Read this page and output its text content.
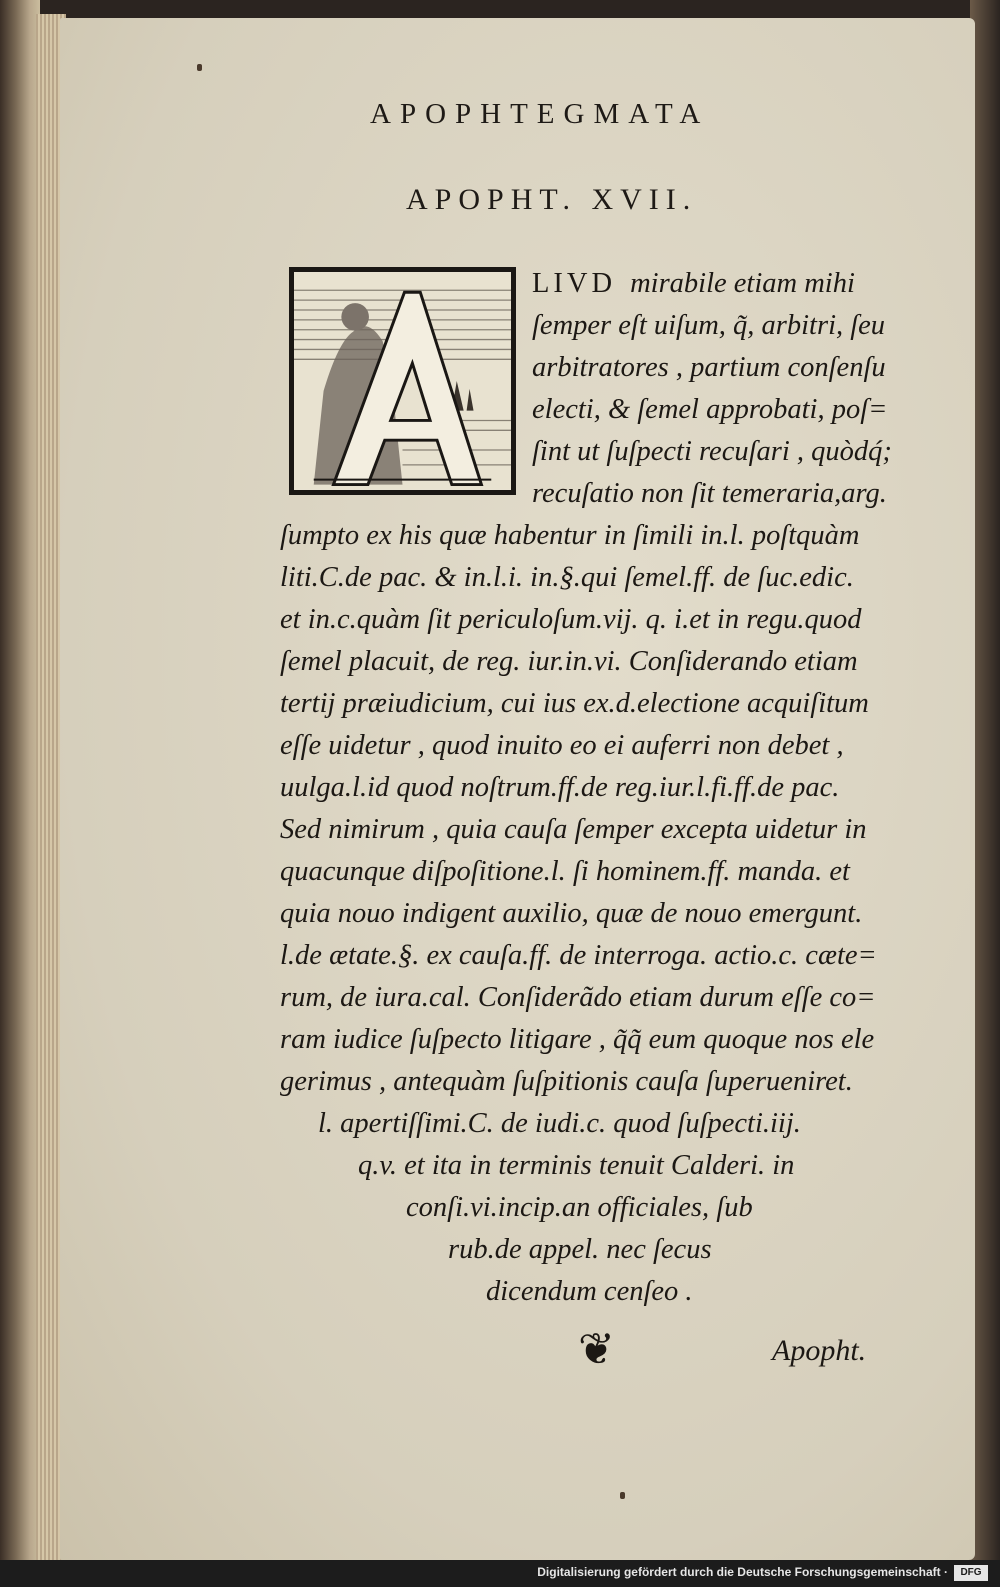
APOPHTEGMATA
APOPHT. XVII.
LIVD mirabile etiam mihi
ſemper eſt uiſum, q̃, arbitri, ſeu
arbitratores , partium conſenſu
electi, & ſemel approbati, poſ=
ſint ut ſuſpecti recuſari , quòdq́;
recuſatio non ſit temeraria,arg.
ſumpto ex his quæ habentur in ſimili in.l. poſtquàm
liti.C.de pac. & in.l.i. in.§.qui ſemel.ff. de ſuc.edic.
et in.c.quàm ſit periculoſum.vij. q. i.et in regu.quod
ſemel placuit, de reg. iur.in.vi. Conſiderando etiam
tertij præiudicium, cui ius ex.d.electione acquiſitum
eſſe uidetur , quod inuito eo ei auferri non debet ,
uulga.l.id quod noſtrum.ff.de reg.iur.l.fi.ff.de pac.
Sed nimirum , quia cauſa ſemper excepta uidetur in
quacunque diſpoſitione.l. ſi hominem.ff. manda. et
quia nouo indigent auxilio, quæ de nouo emergunt.
l.de ætate.§. ex cauſa.ff. de interroga. actio.c. cæte=
rum, de iura.cal. Conſiderãdo etiam durum eſſe co=
ram iudice ſuſpecto litigare , q̃q̃ eum quoque nos ele
gerimus , antequàm ſuſpitionis cauſa ſuperueniret.
l. apertiſſimi.C. de iudi.c. quod ſuſpecti.iij.
q.v. et ita in terminis tenuit Calderi. in
conſi.vi.incip.an officiales, ſub
rub.de appel. nec ſecus
dicendum cenſeo .
❦	Apopht.
Digitalisierung gefördert durch die Deutsche Forschungsgemeinschaft ·	DFG
